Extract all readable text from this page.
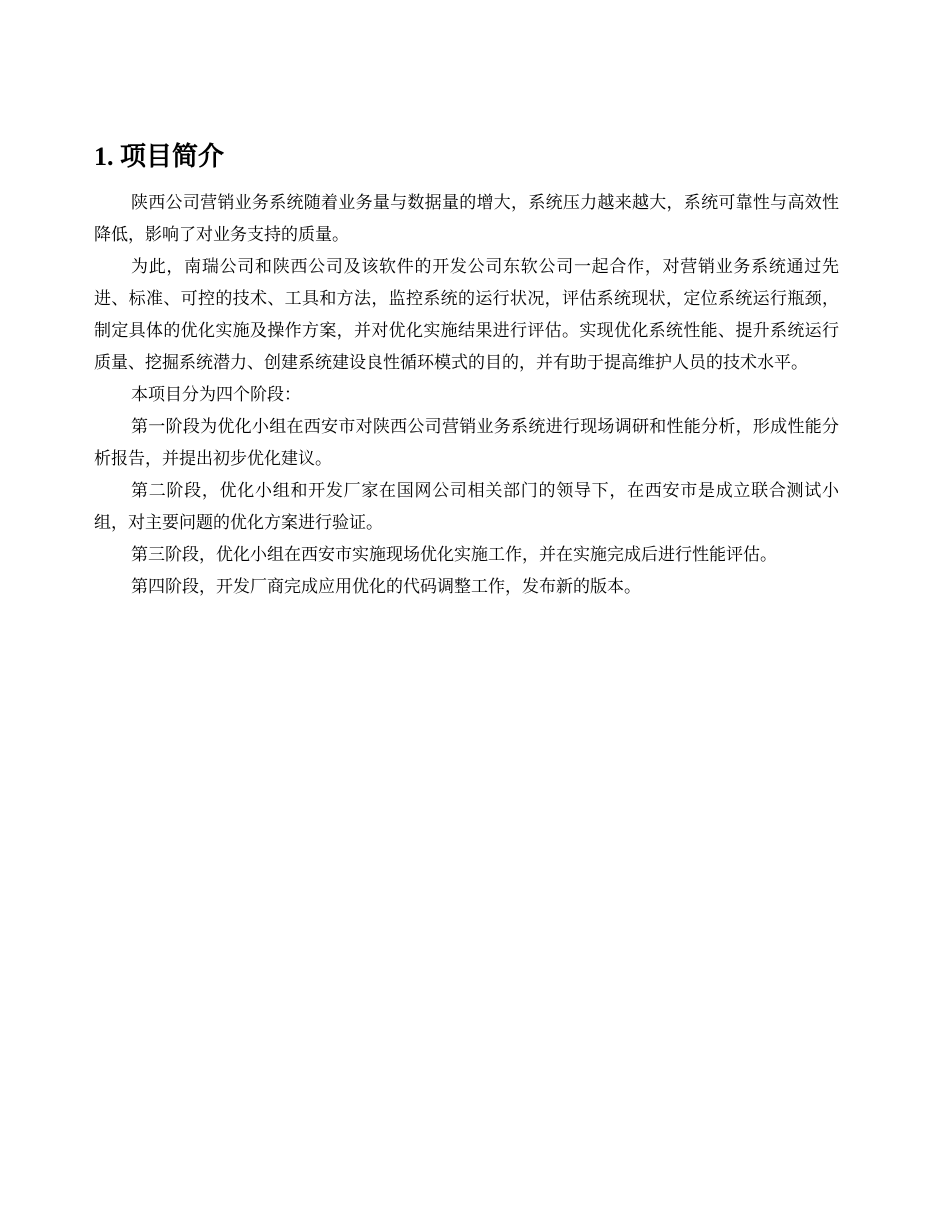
1. 项目简介

陕西公司营销业务系统随着业务量与数据量的增大，系统压力越来越大，系统可靠性与高效性降低，影响了对业务支持的质量。

为此，南瑞公司和陕西公司及该软件的开发公司东软公司一起合作，对营销业务系统通过先进、标准、可控的技术、工具和方法，监控系统的运行状况，评估系统现状，定位系统运行瓶颈，制定具体的优化实施及操作方案，并对优化实施结果进行评估。实现优化系统性能、提升系统运行质量、挖掘系统潜力、创建系统建设良性循环模式的目的，并有助于提高维护人员的技术水平。

本项目分为四个阶段：

第一阶段为优化小组在西安市对陕西公司营销业务系统进行现场调研和性能分析，形成性能分析报告，并提出初步优化建议。

第二阶段，优化小组和开发厂家在国网公司相关部门的领导下，在西安市是成立联合测试小组，对主要问题的优化方案进行验证。

第三阶段，优化小组在西安市实施现场优化实施工作，并在实施完成后进行性能评估。

第四阶段，开发厂商完成应用优化的代码调整工作，发布新的版本。
